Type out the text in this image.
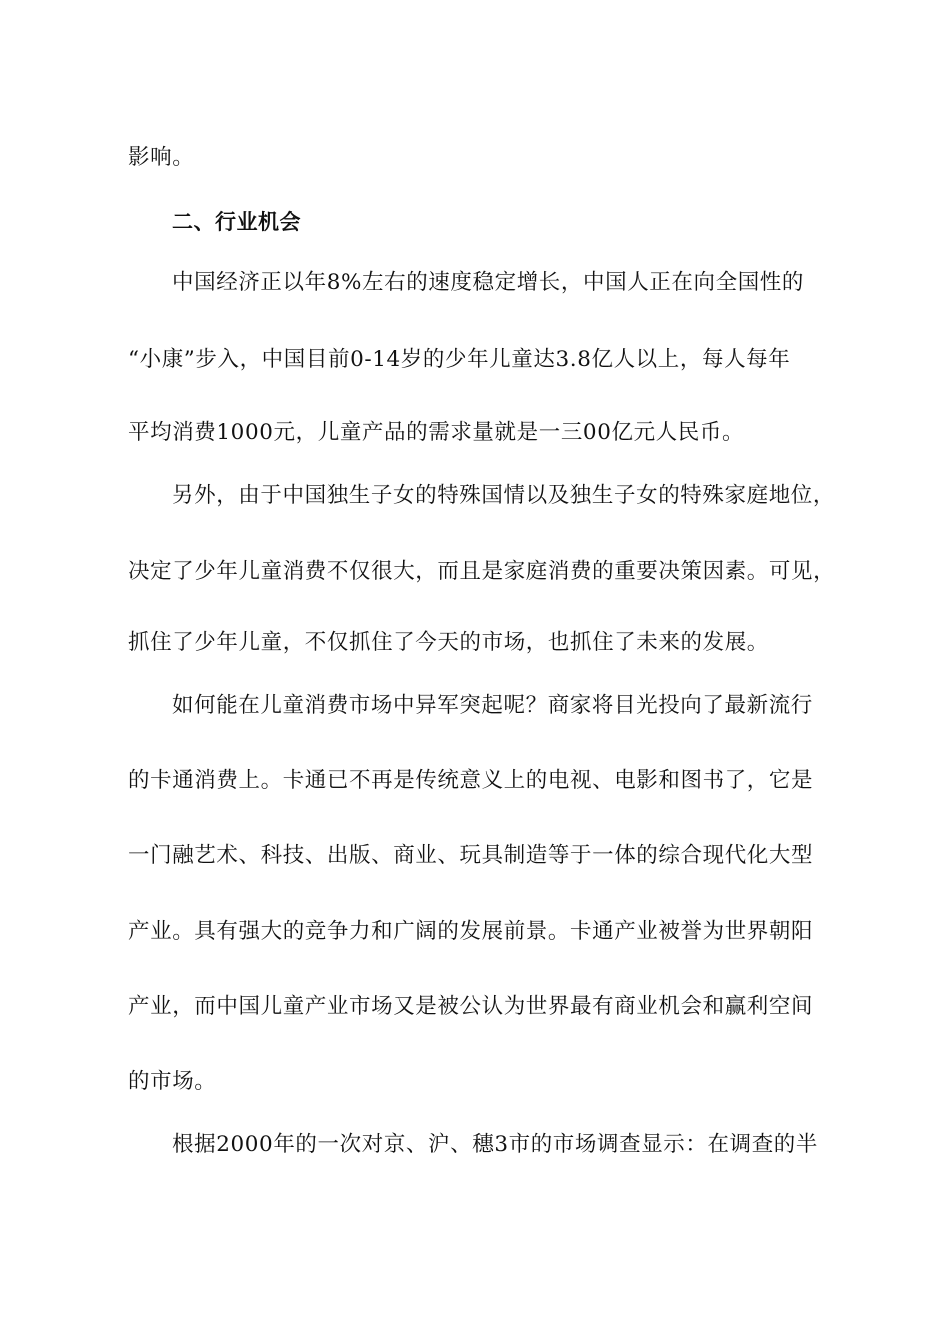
影响。
二、行业机会
中国经济正以年8%左右的速度稳定增长，中国人正在向全国性的
“小康”步入，中国目前0-14岁的少年儿童达3.8亿人以上，每人每年
平均消费1000元，儿童产品的需求量就是一三00亿元人民币。
另外，由于中国独生子女的特殊国情以及独生子女的特殊家庭地位，
决定了少年儿童消费不仅很大，而且是家庭消费的重要决策因素。可见，
抓住了少年儿童，不仅抓住了今天的市场，也抓住了未来的发展。
如何能在儿童消费市场中异军突起呢？商家将目光投向了最新流行
的卡通消费上。卡通已不再是传统意义上的电视、电影和图书了，它是
一门融艺术、科技、出版、商业、玩具制造等于一体的综合现代化大型
产业。具有强大的竞争力和广阔的发展前景。卡通产业被誉为世界朝阳
产业，而中国儿童产业市场又是被公认为世界最有商业机会和赢利空间
的市场。
根据2000年的一次对京、沪、穗3市的市场调查显示：在调查的半
